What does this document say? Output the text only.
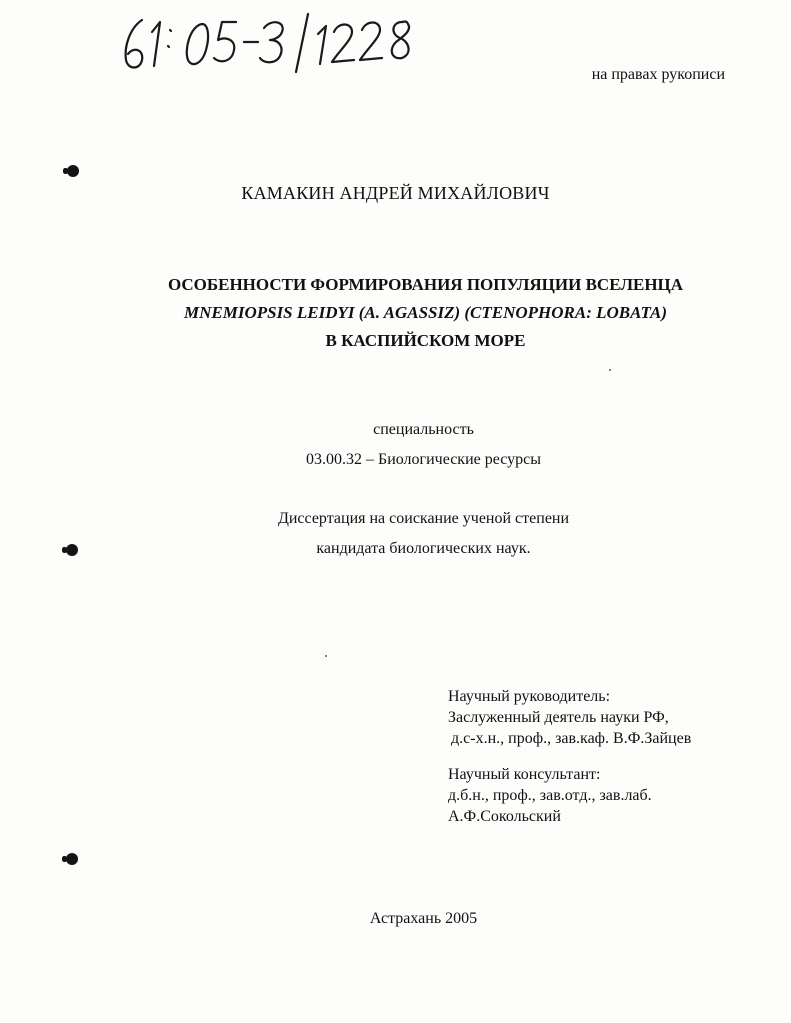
на правах рукописи
КАМАКИН АНДРЕЙ МИХАЙЛОВИЧ
ОСОБЕННОСТИ ФОРМИРОВАНИЯ ПОПУЛЯЦИИ ВСЕЛЕНЦА
MNEMIOPSIS LEIDYI (A. AGASSIZ) (CTENOPHORA: LOBATA)
В КАСПИЙСКОМ МОРЕ
специальность
03.00.32 – Биологические ресурсы
Диссертация на соискание ученой степени
кандидата биологических наук.
Научный руководитель:
Заслуженный деятель науки РФ,
д.с-х.н., проф., зав.каф. В.Ф.Зайцев
Научный консультант:
д.б.н., проф., зав.отд., зав.лаб.
А.Ф.Сокольский
Астрахань 2005
